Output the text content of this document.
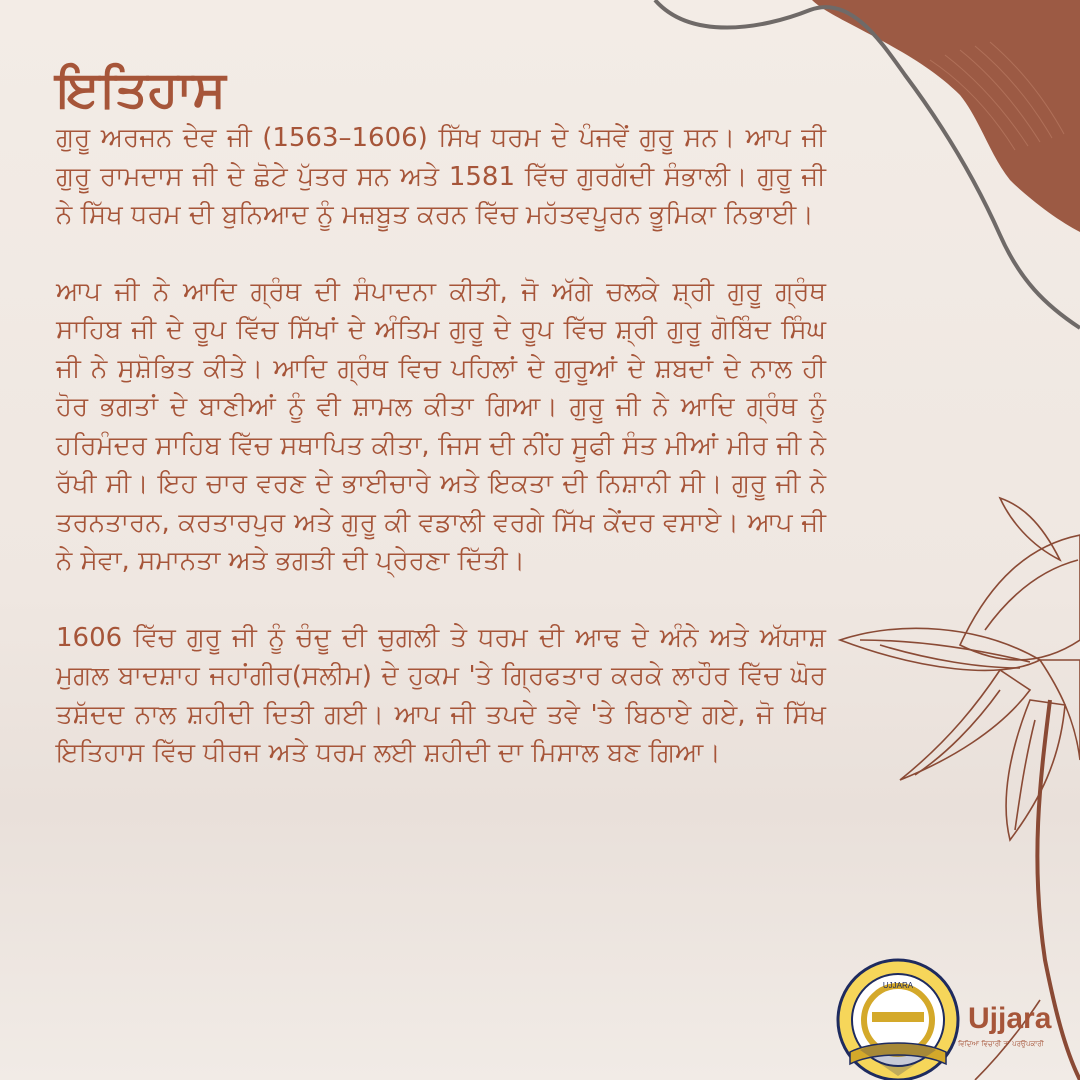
UJJARA
ਇਤਿਹਾਸ

ਗੁਰੂ ਅਰਜਨ ਦੇਵ ਜੀ (1563–1606) ਸਿੱਖ ਧਰਮ ਦੇ ਪੰਜਵੇਂ ਗੁਰੂ ਸਨ। ਆਪ ਜੀ ਗੁਰੂ ਰਾਮਦਾਸ ਜੀ ਦੇ ਛੋਟੇ ਪੁੱਤਰ ਸਨ ਅਤੇ 1581 ਵਿੱਚ ਗੁਰਗੱਦੀ ਸੰਭਾਲੀ। ਗੁਰੂ ਜੀ ਨੇ ਸਿੱਖ ਧਰਮ ਦੀ ਬੁਨਿਆਦ ਨੂੰ ਮਜ਼ਬੂਤ ਕਰਨ ਵਿੱਚ ਮਹੱਤਵਪੂਰਨ ਭੂਮਿਕਾ ਨਿਭਾਈ।

ਆਪ ਜੀ ਨੇ ਆਦਿ ਗ੍ਰੰਥ ਦੀ ਸੰਪਾਦਨਾ ਕੀਤੀ, ਜੋ ਅੱਗੇ ਚਲਕੇ ਸ਼੍ਰੀ ਗੁਰੂ ਗ੍ਰੰਥ ਸਾਹਿਬ ਜੀ ਦੇ ਰੂਪ ਵਿੱਚ ਸਿੱਖਾਂ ਦੇ ਅੰਤਿਮ ਗੁਰੂ ਦੇ ਰੂਪ ਵਿੱਚ ਸ਼੍ਰੀ ਗੁਰੂ ਗੋਬਿੰਦ ਸਿੰਘ ਜੀ ਨੇ ਸੁਸ਼ੋਭਿਤ ਕੀਤੇ। ਆਦਿ ਗ੍ਰੰਥ ਵਿਚ ਪਹਿਲਾਂ ਦੇ ਗੁਰੂਆਂ ਦੇ ਸ਼ਬਦਾਂ ਦੇ ਨਾਲ ਹੀ ਹੋਰ ਭਗਤਾਂ ਦੇ ਬਾਣੀਆਂ ਨੂੰ ਵੀ ਸ਼ਾਮਲ ਕੀਤਾ ਗਿਆ। ਗੁਰੂ ਜੀ ਨੇ ਆਦਿ ਗ੍ਰੰਥ ਨੂੰ ਹਰਿਮੰਦਰ ਸਾਹਿਬ ਵਿੱਚ ਸਥਾਪਿਤ ਕੀਤਾ, ਜਿਸ ਦੀ ਨੀਂਹ ਸੂਫੀ ਸੰਤ ਮੀਆਂ ਮੀਰ ਜੀ ਨੇ ਰੱਖੀ ਸੀ। ਇਹ ਚਾਰ ਵਰਣ ਦੇ ਭਾਈਚਾਰੇ ਅਤੇ ਇਕਤਾ ਦੀ ਨਿਸ਼ਾਨੀ ਸੀ। ਗੁਰੂ ਜੀ ਨੇ ਤਰਨਤਾਰਨ, ਕਰਤਾਰਪੁਰ ਅਤੇ ਗੁਰੂ ਕੀ ਵਡਾਲੀ ਵਰਗੇ ਸਿੱਖ ਕੇਂਦਰ ਵਸਾਏ। ਆਪ ਜੀ ਨੇ ਸੇਵਾ, ਸਮਾਨਤਾ ਅਤੇ ਭਗਤੀ ਦੀ ਪ੍ਰੇਰਣਾ ਦਿੱਤੀ।

1606 ਵਿੱਚ ਗੁਰੂ ਜੀ ਨੂੰ ਚੰਦੂ ਦੀ ਚੁਗਲੀ ਤੇ ਧਰਮ ਦੀ ਆਢ ਦੇ ਅੰਨੇ ਅਤੇ ਅੱਯਾਸ਼ ਮੁਗਲ ਬਾਦਸ਼ਾਹ ਜਹਾਂਗੀਰ(ਸਲੀਮ) ਦੇ ਹੁਕਮ 'ਤੇ ਗ੍ਰਿਫਤਾਰ ਕਰਕੇ ਲਾਹੌਰ ਵਿੱਚ ਘੋਰ ਤਸ਼ੱਦਦ ਨਾਲ ਸ਼ਹੀਦੀ ਦਿਤੀ ਗਈ। ਆਪ ਜੀ ਤਪਦੇ ਤਵੇ 'ਤੇ ਬਿਠਾਏ ਗਏ, ਜੋ ਸਿੱਖ ਇਤਿਹਾਸ ਵਿੱਚ ਧੀਰਜ ਅਤੇ ਧਰਮ ਲਈ ਸ਼ਹੀਦੀ ਦਾ ਮਿਸਾਲ ਬਣ ਗਿਆ।

Ujjara
ਵਿਦਿਆ ਵਿਚਾਰੀ ਤਾਂ ਪਰਉਪਕਾਰੀ
